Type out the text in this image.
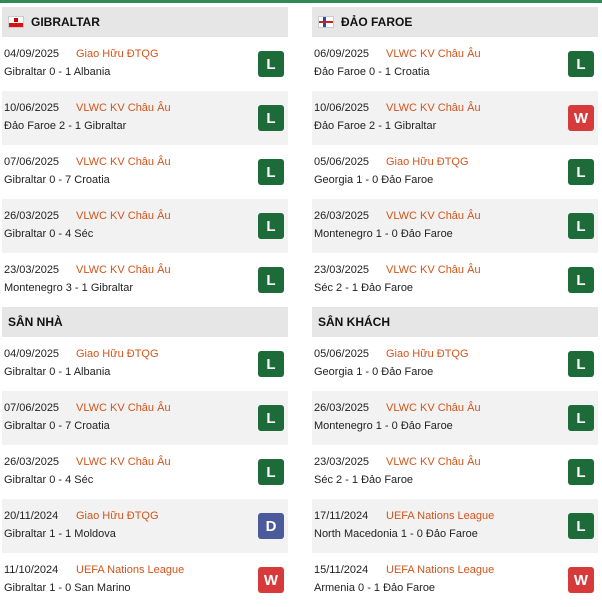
GIBRALTAR
04/09/2025 Giao Hữu ĐTQG
Gibraltar 0 - 1 Albania	L
10/06/2025 VLWC KV Châu Âu
Đảo Faroe 2 - 1 Gibraltar	L
07/06/2025 VLWC KV Châu Âu
Gibraltar 0 - 7 Croatia	L
26/03/2025 VLWC KV Châu Âu
Gibraltar 0 - 4 Séc	L
23/03/2025 VLWC KV Châu Âu
Montenegro 3 - 1 Gibraltar	L
SÂN NHÀ
04/09/2025 Giao Hữu ĐTQG
Gibraltar 0 - 1 Albania	L
07/06/2025 VLWC KV Châu Âu
Gibraltar 0 - 7 Croatia	L
26/03/2025 VLWC KV Châu Âu
Gibraltar 0 - 4 Séc	L
20/11/2024 Giao Hữu ĐTQG
Gibraltar 1 - 1 Moldova	D
11/10/2024 UEFA Nations League
Gibraltar 1 - 0 San Marino	W
ĐẢO FAROE
06/09/2025 VLWC KV Châu Âu
Đảo Faroe 0 - 1 Croatia	L
10/06/2025 VLWC KV Châu Âu
Đảo Faroe 2 - 1 Gibraltar	W
05/06/2025 Giao Hữu ĐTQG
Georgia 1 - 0 Đảo Faroe	L
26/03/2025 VLWC KV Châu Âu
Montenegro 1 - 0 Đảo Faroe	L
23/03/2025 VLWC KV Châu Âu
Séc 2 - 1 Đảo Faroe	L
SÂN KHÁCH
05/06/2025 Giao Hữu ĐTQG
Georgia 1 - 0 Đảo Faroe	L
26/03/2025 VLWC KV Châu Âu
Montenegro 1 - 0 Đảo Faroe	L
23/03/2025 VLWC KV Châu Âu
Séc 2 - 1 Đảo Faroe	L
17/11/2024 UEFA Nations League
North Macedonia 1 - 0 Đảo Faroe	L
15/11/2024 UEFA Nations League
Armenia 0 - 1 Đảo Faroe	W
